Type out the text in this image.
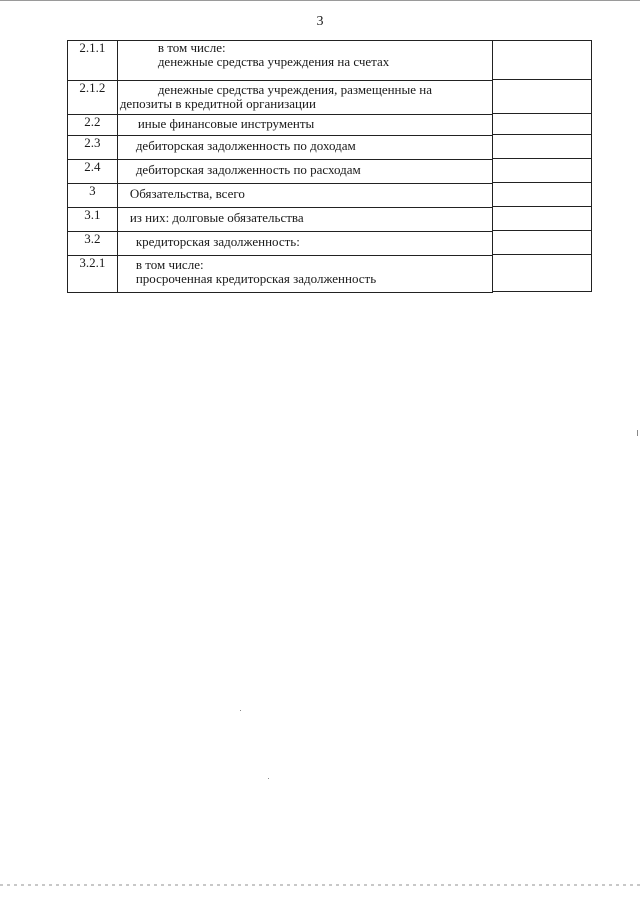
3
2.1.1	в том числе:
денежные средства учреждения на счетах

2.1.2	денежные средства учреждения, размещенные на
депозиты в кредитной организации

2.2	иные финансовые инструменты

2.3	дебиторская задолженность по доходам

2.4	дебиторская задолженность по расходам

3	Обязательства, всего

3.1	из них: долговые обязательства

3.2	кредиторская задолженность:

3.2.1	в том числе:
просроченная кредиторская задолженность
